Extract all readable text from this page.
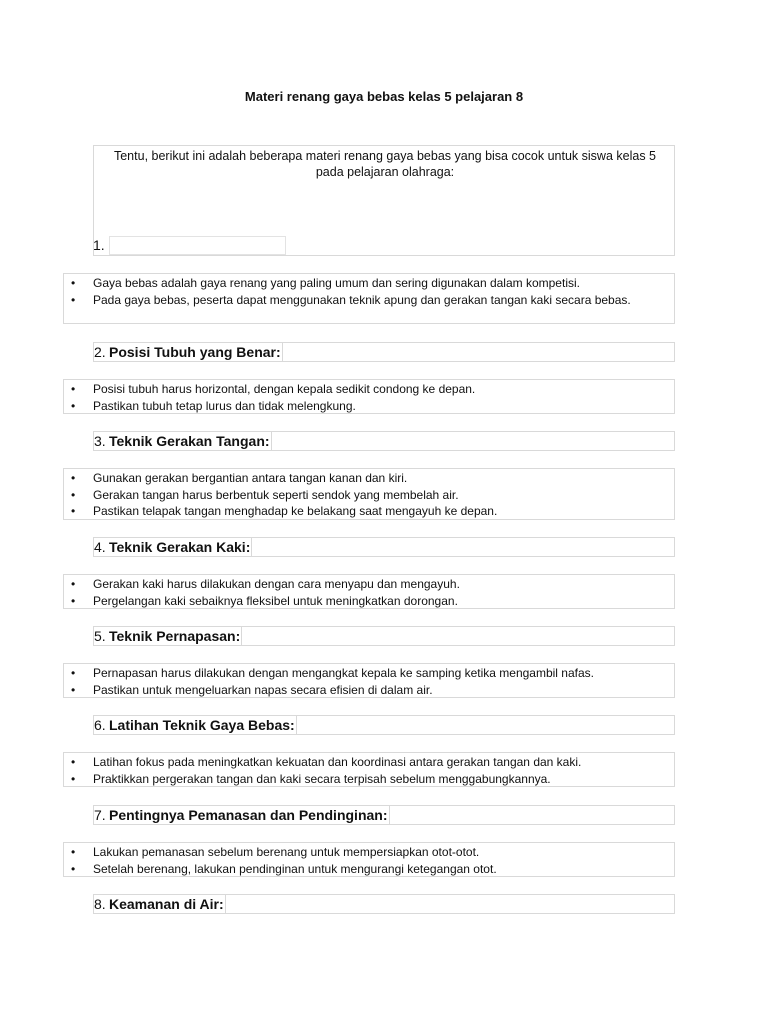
Materi renang gaya bebas kelas 5 pelajaran 8
Tentu, berikut ini adalah beberapa materi renang gaya bebas yang bisa cocok untuk siswa kelas 5
pada pelajaran olahraga:
1.
• Gaya bebas adalah gaya renang yang paling umum dan sering digunakan dalam kompetisi.
• Pada gaya bebas, peserta dapat menggunakan teknik apung dan gerakan tangan kaki secara bebas.
2. Posisi Tubuh yang Benar:
• Posisi tubuh harus horizontal, dengan kepala sedikit condong ke depan.
• Pastikan tubuh tetap lurus dan tidak melengkung.
3. Teknik Gerakan Tangan:
• Gunakan gerakan bergantian antara tangan kanan dan kiri.
• Gerakan tangan harus berbentuk seperti sendok yang membelah air.
• Pastikan telapak tangan menghadap ke belakang saat mengayuh ke depan.
4. Teknik Gerakan Kaki:
• Gerakan kaki harus dilakukan dengan cara menyapu dan mengayuh.
• Pergelangan kaki sebaiknya fleksibel untuk meningkatkan dorongan.
5. Teknik Pernapasan:
• Pernapasan harus dilakukan dengan mengangkat kepala ke samping ketika mengambil nafas.
• Pastikan untuk mengeluarkan napas secara efisien di dalam air.
6. Latihan Teknik Gaya Bebas:
• Latihan fokus pada meningkatkan kekuatan dan koordinasi antara gerakan tangan dan kaki.
• Praktikkan pergerakan tangan dan kaki secara terpisah sebelum menggabungkannya.
7. Pentingnya Pemanasan dan Pendinginan:
• Lakukan pemanasan sebelum berenang untuk mempersiapkan otot-otot.
• Setelah berenang, lakukan pendinginan untuk mengurangi ketegangan otot.
8. Keamanan di Air:
